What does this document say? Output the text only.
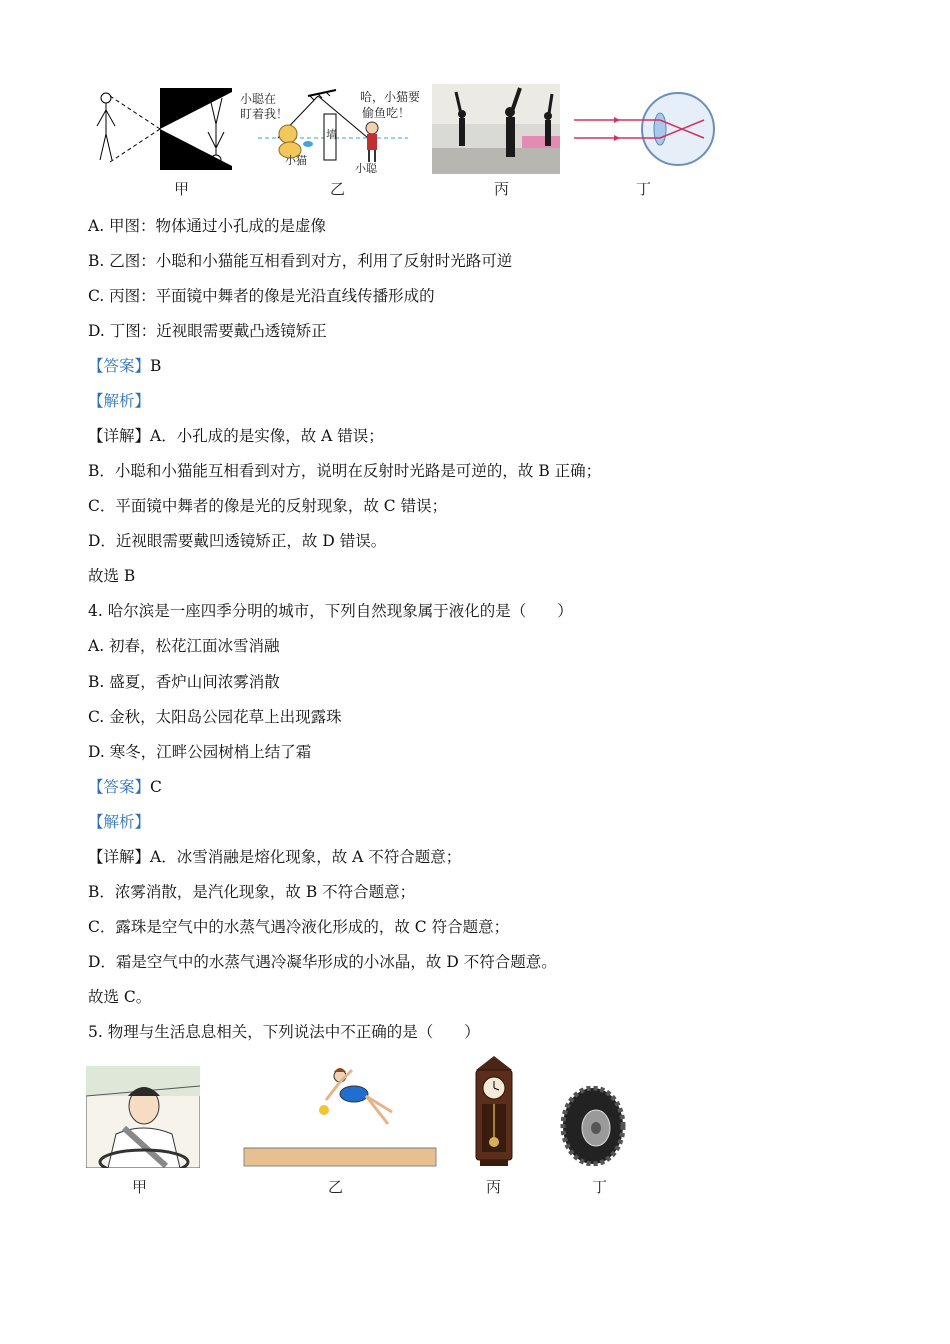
甲
小聪在
盯着我！
哈，小猫要
偷鱼吃！
墙
小猫
小聪
乙	丙	丁
A. 甲图：物体通过小孔成的是虚像
B. 乙图：小聪和小猫能互相看到对方，利用了反射时光路可逆
C. 丙图：平面镜中舞者的像是光沿直线传播形成的
D. 丁图：近视眼需要戴凸透镜矫正
【答案】B
【解析】
【详解】A．小孔成的是实像，故 A 错误；
B．小聪和小猫能互相看到对方，说明在反射时光路是可逆的，故 B 正确；
C．平面镜中舞者的像是光的反射现象，故 C 错误；
D．近视眼需要戴凹透镜矫正，故 D 错误。
故选 B
4. 哈尔滨是一座四季分明的城市，下列自然现象属于液化的是（　　）
A. 初春，松花江面冰雪消融
B. 盛夏，香炉山间浓雾消散
C. 金秋，太阳岛公园花草上出现露珠
D. 寒冬，江畔公园树梢上结了霜
【答案】C
【解析】
【详解】A．冰雪消融是熔化现象，故 A 不符合题意；
B．浓雾消散，是汽化现象，故 B 不符合题意；
C．露珠是空气中的水蒸气遇冷液化形成的，故 C 符合题意；
D．霜是空气中的水蒸气遇冷凝华形成的小冰晶，故 D 不符合题意。
故选 C。
5. 物理与生活息息相关，下列说法中不正确的是（　　）
甲	乙	丙	丁
